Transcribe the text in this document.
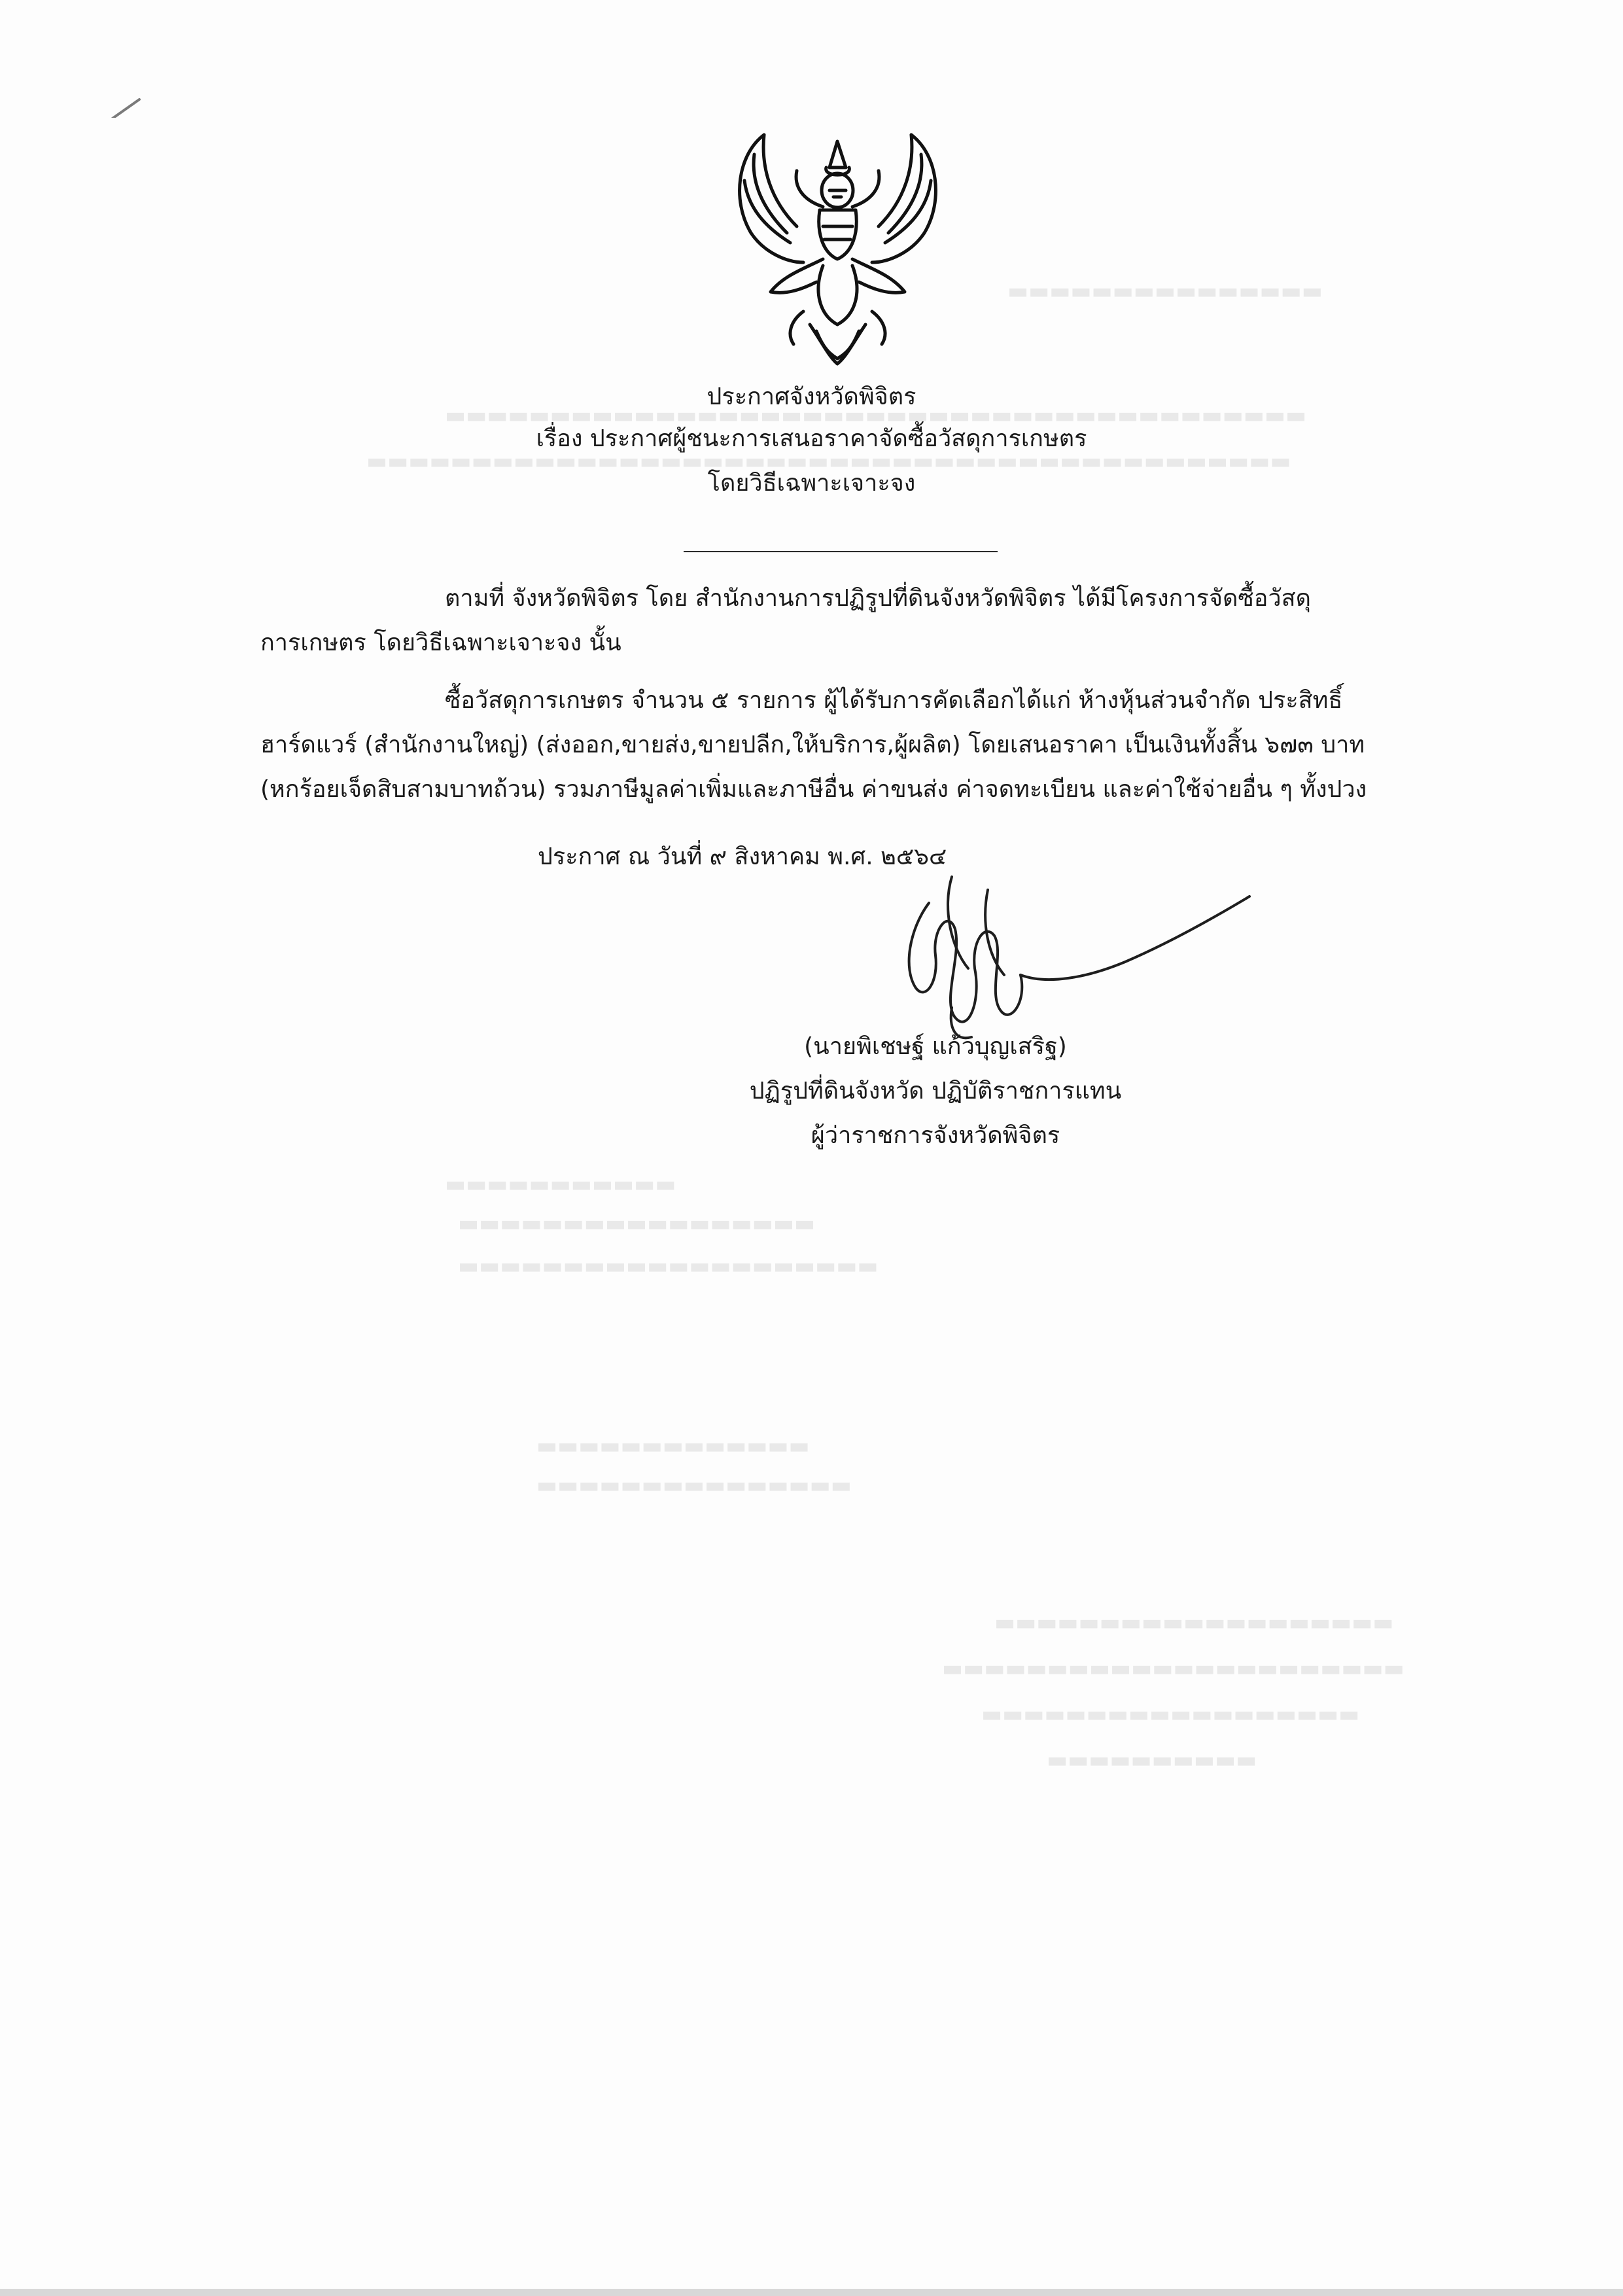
▬▬▬▬▬▬▬▬▬▬▬▬▬▬▬
▬▬▬▬▬▬▬▬▬▬▬▬▬▬▬▬▬▬▬▬▬▬▬▬▬▬▬▬▬▬▬▬▬▬▬▬▬▬▬▬▬
▬▬▬▬▬▬▬▬▬▬▬▬▬▬▬▬▬▬▬▬▬▬▬▬▬▬▬▬▬▬▬▬▬▬▬▬▬▬▬▬▬▬▬▬
▬▬▬▬▬▬▬▬▬▬▬
▬▬▬▬▬▬▬▬▬▬▬▬▬▬▬▬▬
▬▬▬▬▬▬▬▬▬▬▬▬▬▬▬▬▬▬▬▬
▬▬▬▬▬▬▬▬▬▬▬▬▬
▬▬▬▬▬▬▬▬▬▬▬▬▬▬▬
▬▬▬▬▬▬▬▬▬▬▬▬▬▬▬▬▬▬▬
▬▬▬▬▬▬▬▬▬▬▬▬▬▬▬▬▬▬▬▬▬▬
▬▬▬▬▬▬▬▬▬▬▬▬▬▬▬▬▬▬
▬▬▬▬▬▬▬▬▬▬
ประกาศจังหวัดพิจิตร
เรื่อง ประกาศผู้ชนะการเสนอราคาจัดซื้อวัสดุการเกษตร
โดยวิธีเฉพาะเจาะจง
ตามที่ จังหวัดพิจิตร โดย สำนักงานการปฏิรูปที่ดินจังหวัดพิจิตร ได้มีโครงการจัดซื้อวัสดุ
การเกษตร โดยวิธีเฉพาะเจาะจง นั้น
ซื้อวัสดุการเกษตร จำนวน ๕ รายการ ผู้ได้รับการคัดเลือกได้แก่ ห้างหุ้นส่วนจำกัด ประสิทธิ์
ฮาร์ดแวร์ (สำนักงานใหญ่) (ส่งออก,ขายส่ง,ขายปลีก,ให้บริการ,ผู้ผลิต) โดยเสนอราคา เป็นเงินทั้งสิ้น ๖๗๓ บาท
(หกร้อยเจ็ดสิบสามบาทถ้วน) รวมภาษีมูลค่าเพิ่มและภาษีอื่น ค่าขนส่ง ค่าจดทะเบียน และค่าใช้จ่ายอื่น ๆ ทั้งปวง
ประกาศ ณ วันที่ ๙ สิงหาคม พ.ศ. ๒๕๖๔
(นายพิเชษฐ์ แก้วบุญเสริฐ)
ปฏิรูปที่ดินจังหวัด ปฏิบัติราชการแทน
ผู้ว่าราชการจังหวัดพิจิตร
